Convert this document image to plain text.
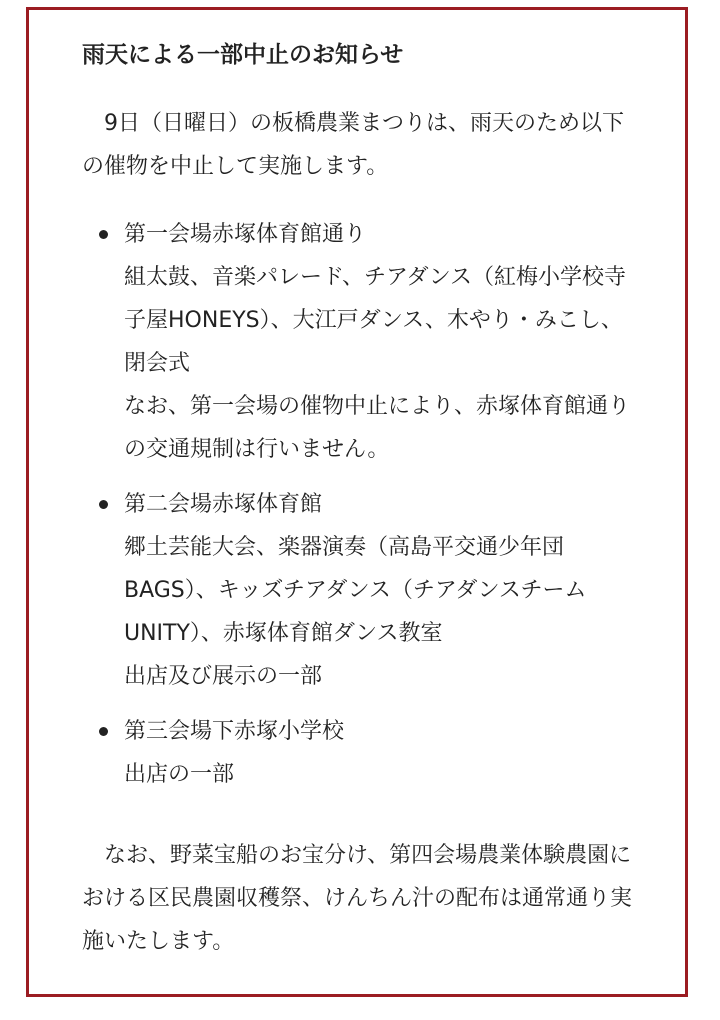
雨天による一部中止のお知らせ

9日（日曜日）の板橋農業まつりは、雨天のため以下の催物を中止して実施します。

第一会場赤塚体育館通り
組太鼓、音楽パレード、チアダンス（紅梅小学校寺子屋HONEYS）、大江戸ダンス、木やり・みこし、閉会式
なお、第一会場の催物中止により、赤塚体育館通りの交通規制は行いません。
第二会場赤塚体育館
郷土芸能大会、楽器演奏（高島平交通少年団BAGS）、キッズチアダンス（チアダンスチームUNITY）、赤塚体育館ダンス教室
出店及び展示の一部
第三会場下赤塚小学校
出店の一部

なお、野菜宝船のお宝分け、第四会場農業体験農園における区民農園収穫祭、けんちん汁の配布は通常通り実施いたします。
